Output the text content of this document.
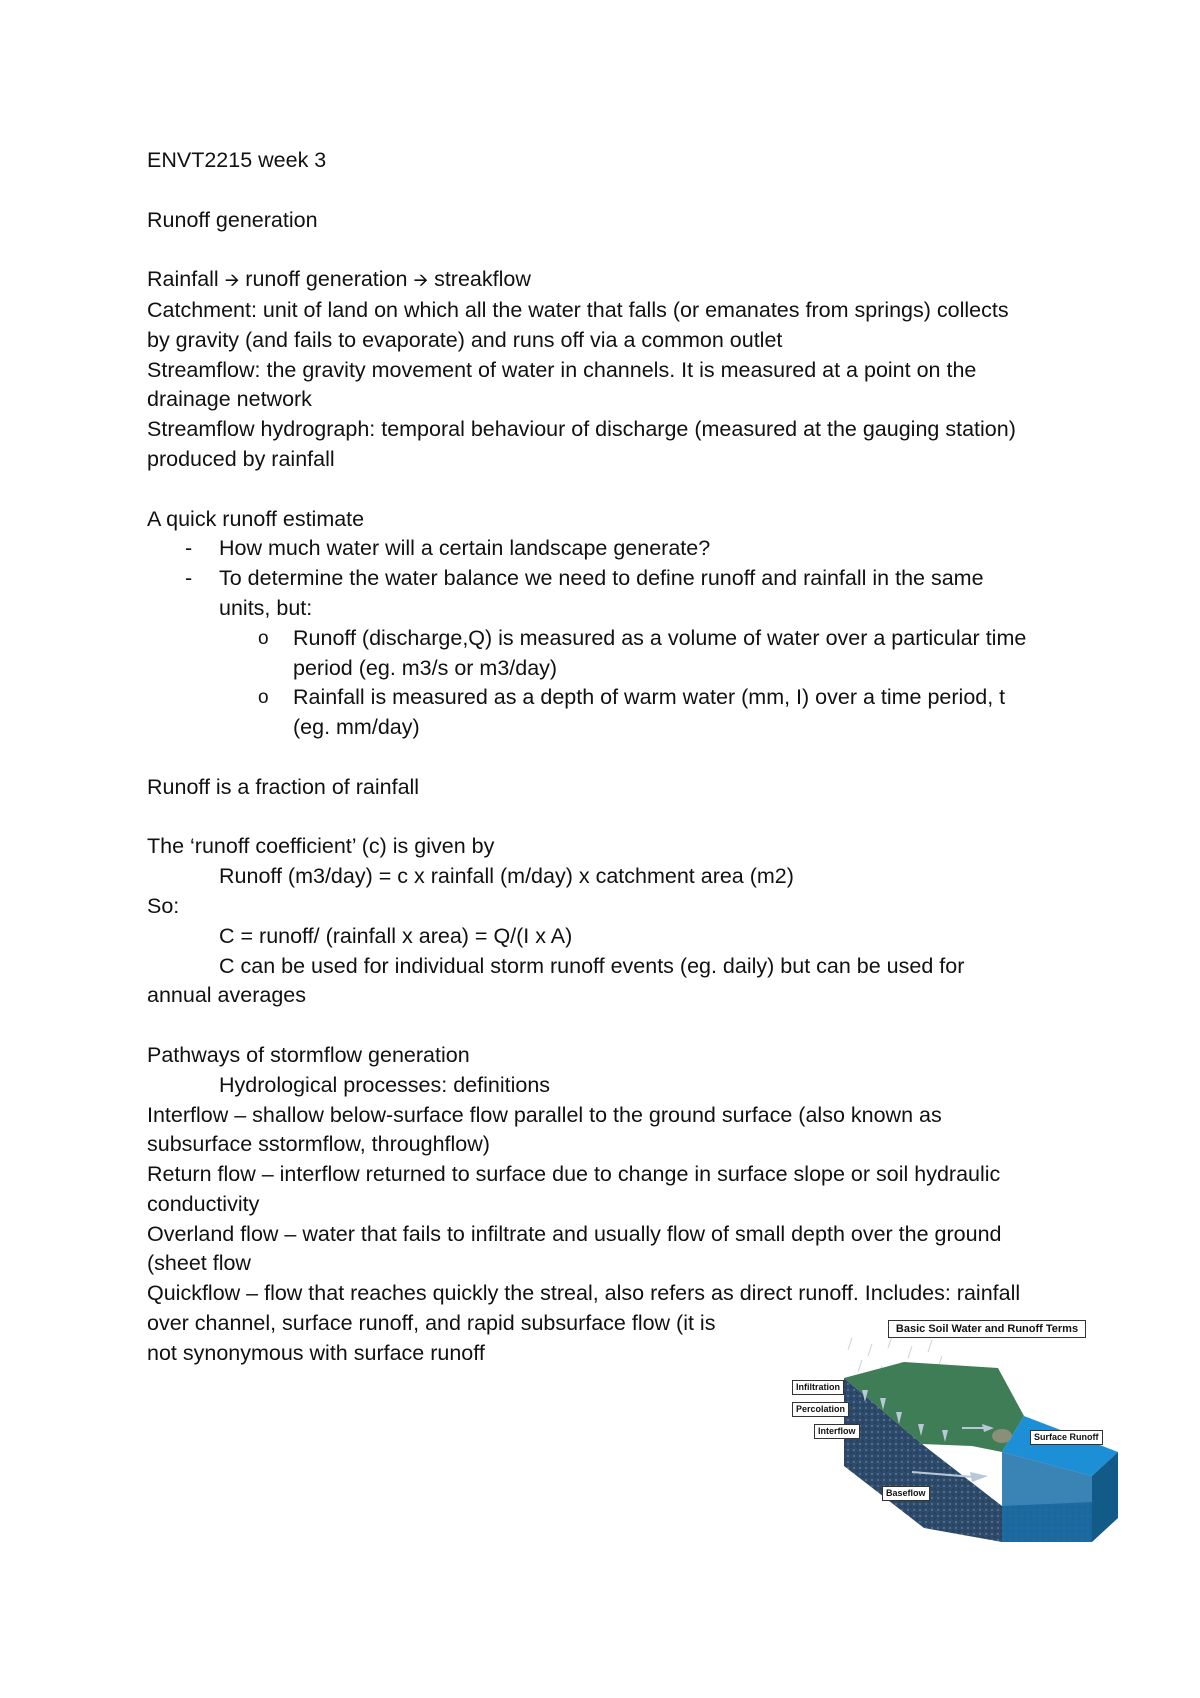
ENVT2215 week 3
Runoff generation
Rainfall 🡪 runoff generation 🡪 streakflow
Catchment: unit of land on which all the water that falls (or emanates from springs) collects
by gravity (and fails to evaporate) and runs off via a common outlet
Streamflow: the gravity movement of water in channels. It is measured at a point on the
drainage network
Streamflow hydrograph: temporal behaviour of discharge (measured at the gauging station)
produced by rainfall
A quick runoff estimate
- How much water will a certain landscape generate?
- To determine the water balance we need to define runoff and rainfall in the same
units, but:
o Runoff (discharge,Q) is measured as a volume of water over a particular time
period (eg. m3/s or m3/day)
o Rainfall is measured as a depth of warm water (mm, I) over a time period, t
(eg. mm/day)
Runoff is a fraction of rainfall
The ‘runoff coefficient’ (c) is given by
Runoff (m3/day) = c x rainfall (m/day) x catchment area (m2)
So:
C = runoff/ (rainfall x area) = Q/(I x A)
C can be used for individual storm runoff events (eg. daily) but can be used for
annual averages
Pathways of stormflow generation
Hydrological processes: definitions
Interflow – shallow below-surface flow parallel to the ground surface (also known as
subsurface sstormflow, throughflow)
Return flow – interflow returned to surface due to change in surface slope or soil hydraulic
conductivity
Overland flow – water that fails to infiltrate and usually flow of small depth over the ground
(sheet flow
Quickflow – flow that reaches quickly the streal, also refers as direct runoff. Includes: rainfall
over channel, surface runoff, and rapid subsurface flow (it is
not synonymous with surface runoff
Basic Soil Water and Runoff Terms
Infiltration
Percolation
Interflow
Surface Runoff
Baseflow
